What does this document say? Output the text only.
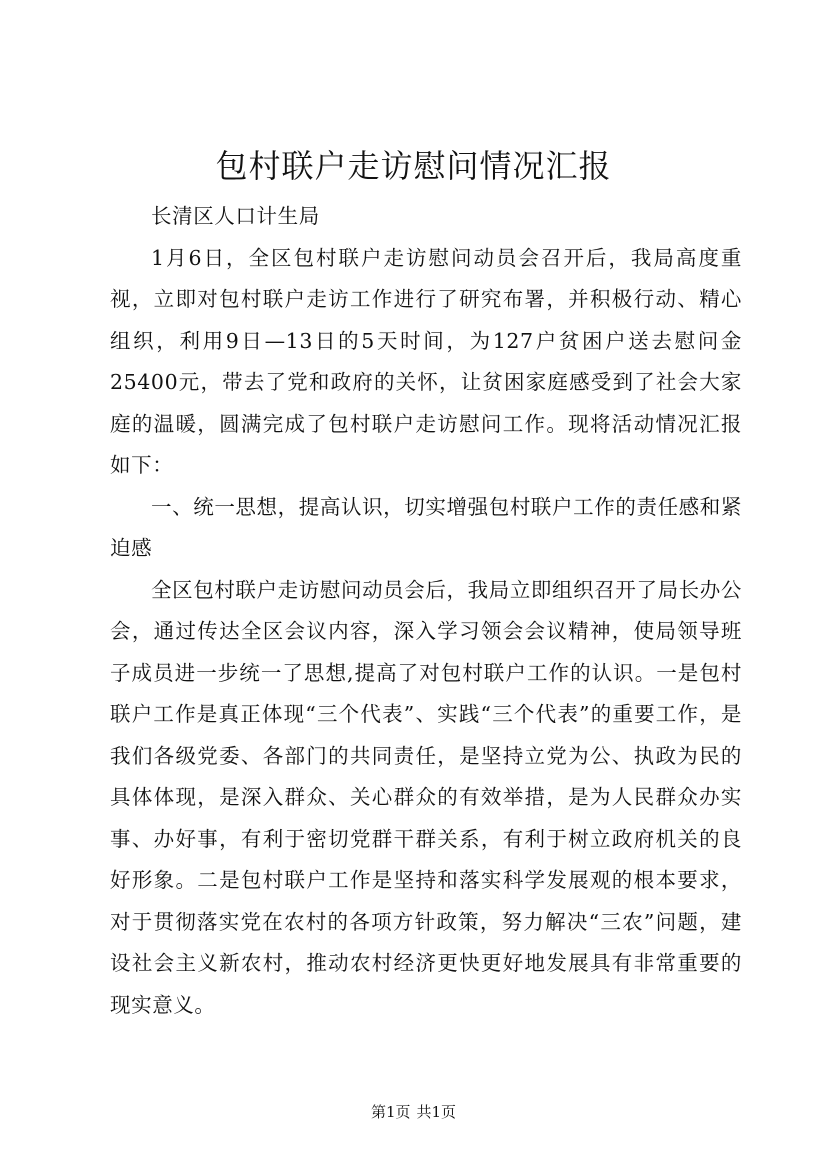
包村联户走访慰问情况汇报

长清区人口计生局

1月6日，全区包村联户走访慰问动员会召开后，我局高度重视，立即对包村联户走访工作进行了研究布署，并积极行动、精心组织，利用9日—13日的5天时间，为127户贫困户送去慰问金25400元，带去了党和政府的关怀，让贫困家庭感受到了社会大家庭的温暖，圆满完成了包村联户走访慰问工作。现将活动情况汇报如下：

一、统一思想，提高认识，切实增强包村联户工作的责任感和紧迫感

全区包村联户走访慰问动员会后，我局立即组织召开了局长办公会，通过传达全区会议内容，深入学习领会会议精神，使局领导班子成员进一步统一了思想,提高了对包村联户工作的认识。一是包村联户工作是真正体现“三个代表”、实践“三个代表”的重要工作，是我们各级党委、各部门的共同责任，是坚持立党为公、执政为民的具体体现，是深入群众、关心群众的有效举措，是为人民群众办实事、办好事，有利于密切党群干群关系，有利于树立政府机关的良好形象。二是包村联户工作是坚持和落实科学发展观的根本要求，对于贯彻落实党在农村的各项方针政策，努力解决“三农”问题，建设社会主义新农村，推动农村经济更快更好地发展具有非常重要的现实意义。

第1页 共1页
